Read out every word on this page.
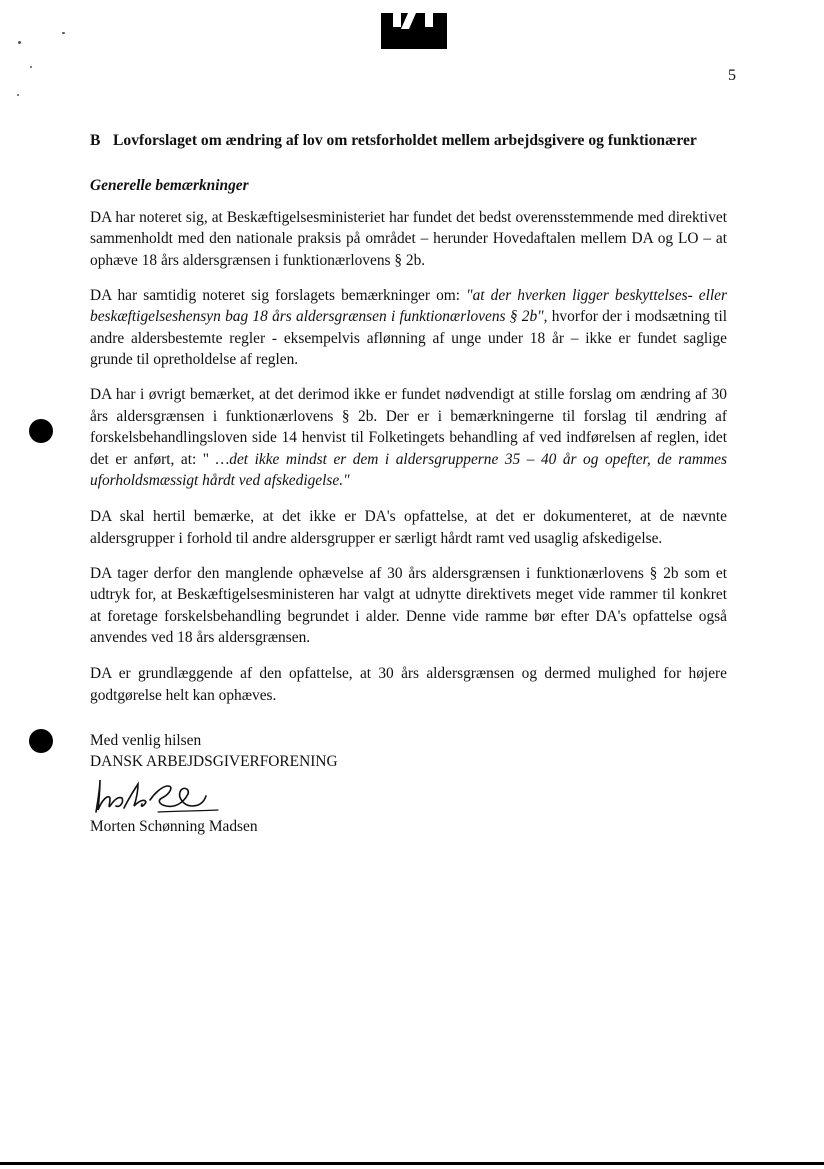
5
B Lovforslaget om ændring af lov om retsforholdet mellem arbejdsgivere og funktionærer
Generelle bemærkninger

DA har noteret sig, at Beskæftigelsesministeriet har fundet det bedst overensstemmende med direktivet sammenholdt med den nationale praksis på området – herunder Hovedaftalen mellem DA og LO – at ophæve 18 års aldersgrænsen i funktionærlovens § 2b.

DA har samtidig noteret sig forslagets bemærkninger om: "at der hverken ligger beskyttelses- eller beskæftigelseshensyn bag 18 års aldersgrænsen i funktionærlovens § 2b", hvorfor der i modsætning til andre aldersbestemte regler - eksempelvis aflønning af unge under 18 år – ikke er fundet saglige grunde til opretholdelse af reglen.

DA har i øvrigt bemærket, at det derimod ikke er fundet nødvendigt at stille forslag om ændring af 30 års aldersgrænsen i funktionærlovens § 2b. Der er i bemærkningerne til forslag til ændring af forskelsbehandlingsloven side 14 henvist til Folketingets behandling af ved indførelsen af reglen, idet det er anført, at: " …det ikke mindst er dem i aldersgrupperne 35 – 40 år og opefter, de rammes uforholdsmæssigt hårdt ved afskedigelse."

DA skal hertil bemærke, at det ikke er DA's opfattelse, at det er dokumenteret, at de nævnte aldersgrupper i forhold til andre aldersgrupper er særligt hårdt ramt ved usaglig afskedigelse.

DA tager derfor den manglende ophævelse af 30 års aldersgrænsen i funktionærlovens § 2b som et udtryk for, at Beskæftigelsesministeren har valgt at udnytte direktivets meget vide rammer til konkret at foretage forskelsbehandling begrundet i alder. Denne vide ramme bør efter DA's opfattelse også anvendes ved 18 års aldersgrænsen.

DA er grundlæggende af den opfattelse, at 30 års aldersgrænsen og dermed mulighed for højere godtgørelse helt kan ophæves.

Med venlig hilsen
DANSK ARBEJDSGIVERFORENING
Morten Schønning Madsen
